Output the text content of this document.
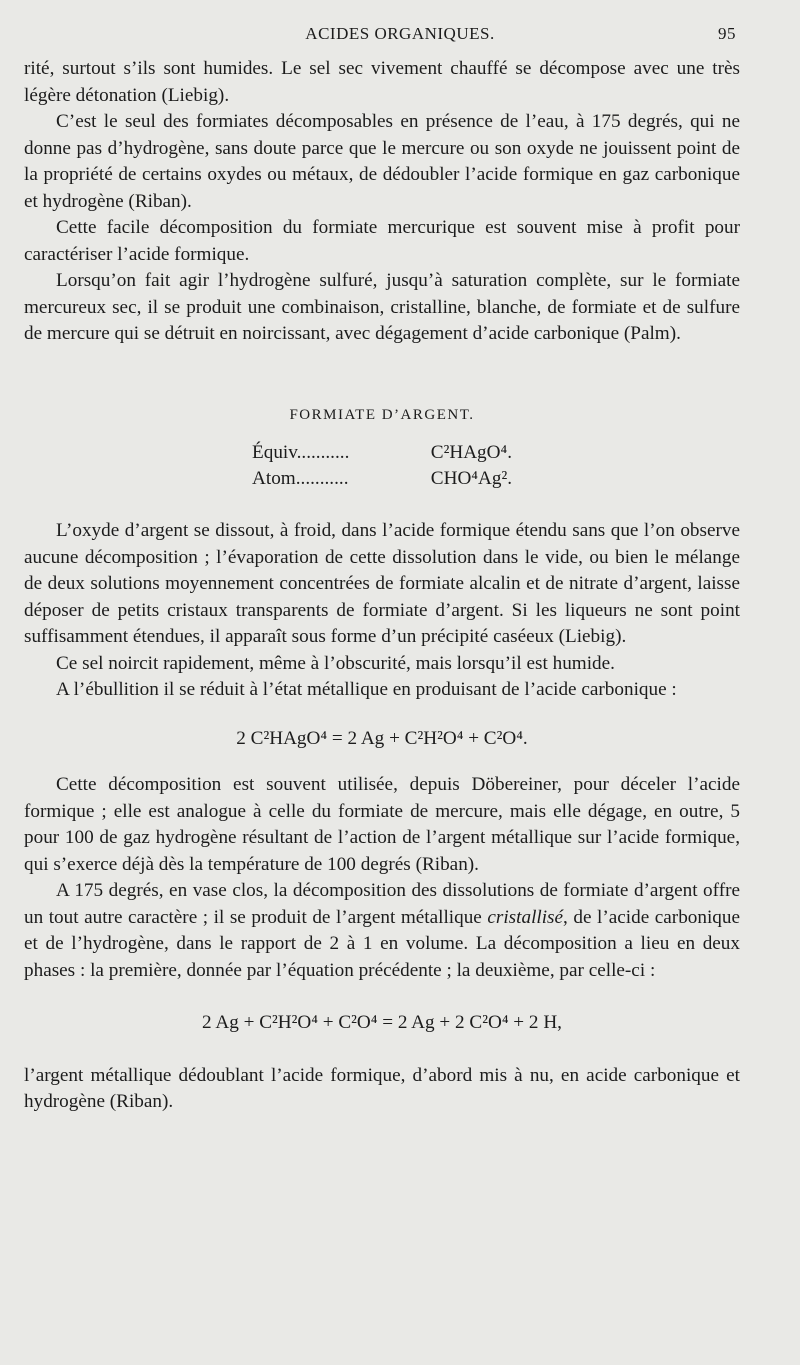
ACIDES ORGANIQUES.	95

rité, surtout s’ils sont humides. Le sel sec vivement chauffé se décompose avec une très légère détonation (Liebig).

C’est le seul des formiates décomposables en présence de l’eau, à 175 degrés, qui ne donne pas d’hydrogène, sans doute parce que le mercure ou son oxyde ne jouissent point de la propriété de certains oxydes ou métaux, de dédoubler l’acide formique en gaz carbonique et hydrogène (Riban).

Cette facile décomposition du formiate mercurique est souvent mise à profit pour caractériser l’acide formique.

Lorsqu’on fait agir l’hydrogène sulfuré, jusqu’à saturation complète, sur le formiate mercureux sec, il se produit une combinaison, cristalline, blanche, de formiate et de sulfure de mercure qui se détruit en noircissant, avec dégagement d’acide carbonique (Palm).

FORMIATE D’ARGENT.
Équiv...........	C²HAgO⁴.
Atom...........	CHO⁴Ag².

L’oxyde d’argent se dissout, à froid, dans l’acide formique étendu sans que l’on observe aucune décomposition ; l’évaporation de cette dissolution dans le vide, ou bien le mélange de deux solutions moyennement concentrées de formiate alcalin et de nitrate d’argent, laisse déposer de petits cristaux transparents de formiate d’argent. Si les liqueurs ne sont point suffisamment étendues, il apparaît sous forme d’un précipité caséeux (Liebig).

Ce sel noircit rapidement, même à l’obscurité, mais lorsqu’il est humide.

A l’ébullition il se réduit à l’état métallique en produisant de l’acide carbonique :

2 C²HAgO⁴ = 2 Ag + C²H²O⁴ + C²O⁴.

Cette décomposition est souvent utilisée, depuis Döbereiner, pour déceler l’acide formique ; elle est analogue à celle du formiate de mercure, mais elle dégage, en outre, 5 pour 100 de gaz hydrogène résultant de l’action de l’argent métallique sur l’acide formique, qui s’exerce déjà dès la température de 100 degrés (Riban).

A 175 degrés, en vase clos, la décomposition des dissolutions de formiate d’argent offre un tout autre caractère ; il se produit de l’argent métallique cristallisé, de l’acide carbonique et de l’hydrogène, dans le rapport de 2 à 1 en volume. La décomposition a lieu en deux phases : la première, donnée par l’équation précédente ; la deuxième, par celle-ci :

2 Ag + C²H²O⁴ + C²O⁴ = 2 Ag + 2 C²O⁴ + 2 H,

l’argent métallique dédoublant l’acide formique, d’abord mis à nu, en acide carbonique et hydrogène (Riban).
